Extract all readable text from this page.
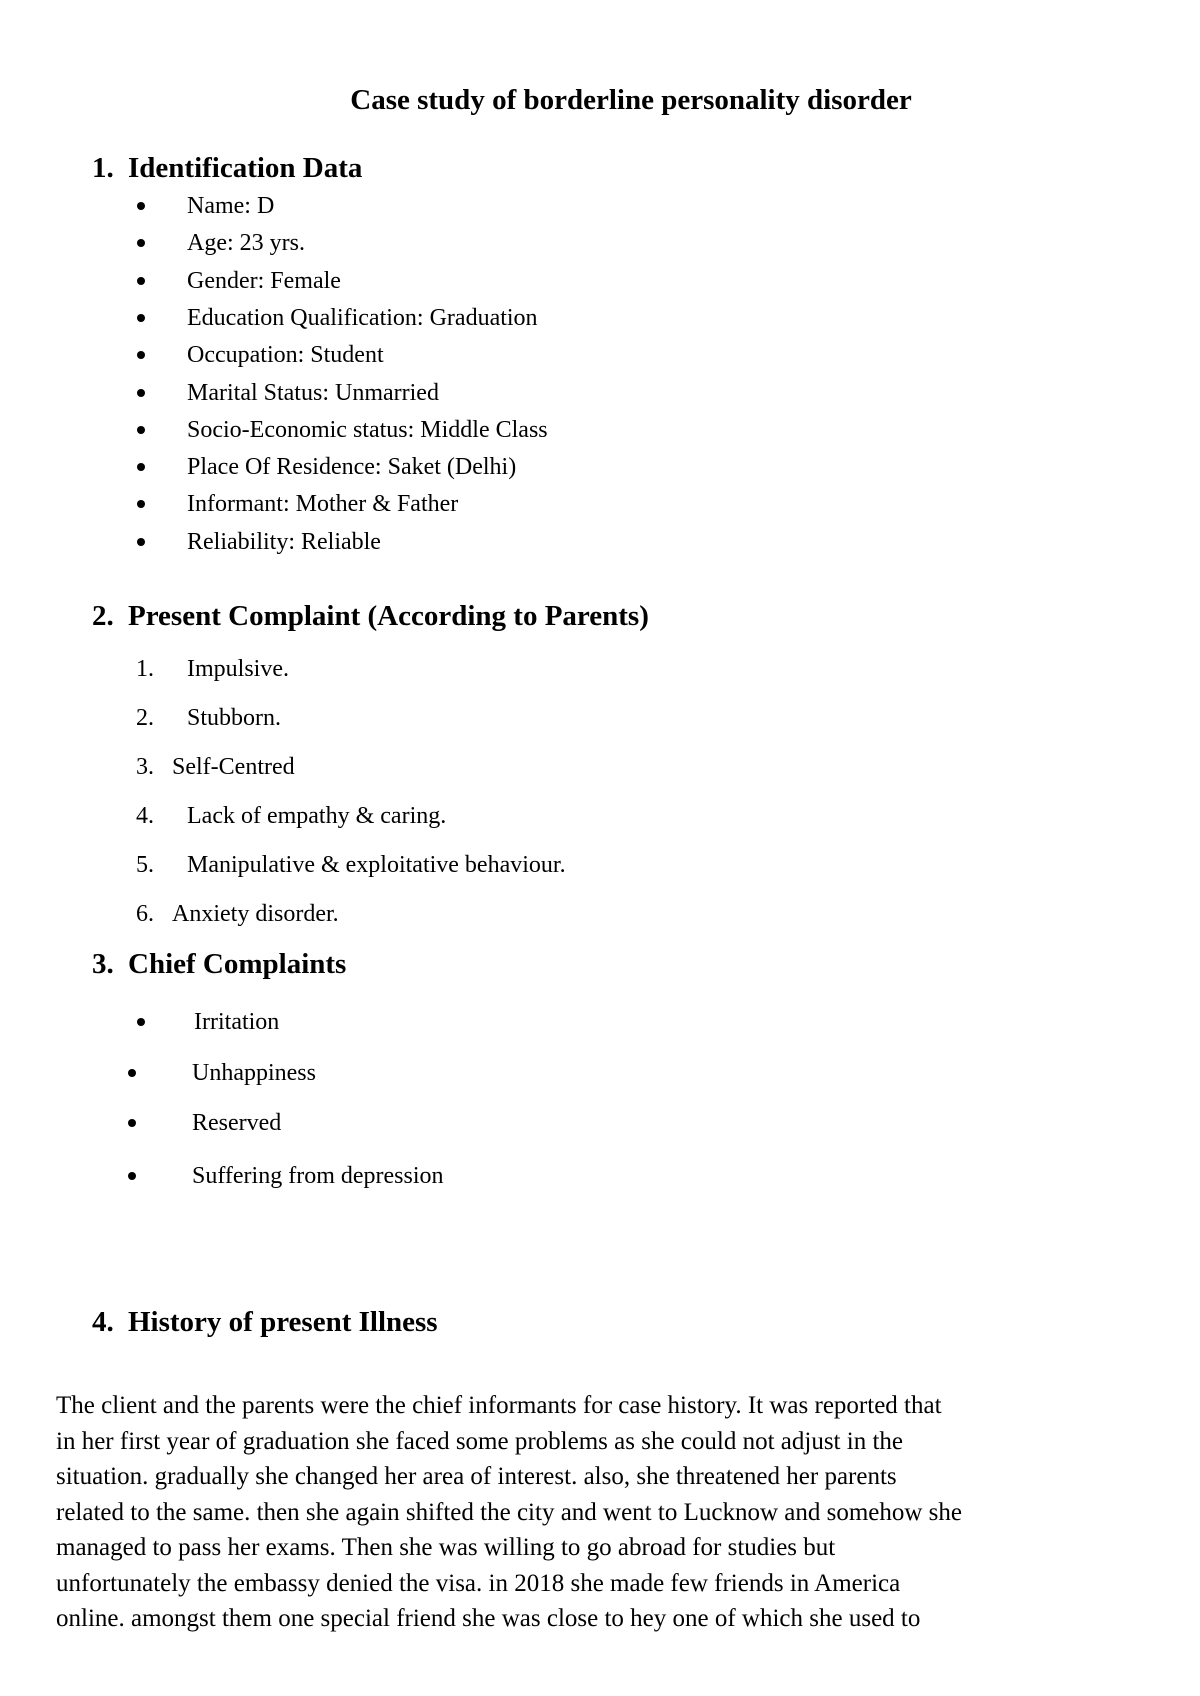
Case study of borderline personality disorder
1. Identification Data
Name: D
Age: 23 yrs.
Gender: Female
Education Qualification: Graduation
Occupation: Student
Marital Status: Unmarried
Socio-Economic status: Middle Class
Place Of Residence: Saket (Delhi)
Informant: Mother & Father
Reliability: Reliable
2. Present Complaint (According to Parents)
1. Impulsive.
2. Stubborn.
3. Self-Centred
4. Lack of empathy & caring.
5. Manipulative & exploitative behaviour.
6. Anxiety disorder.
3. Chief Complaints
Irritation
Unhappiness
Reserved
Suffering from depression
4. History of present Illness
The client and the parents were the chief informants for case history. It was reported that
in her first year of graduation she faced some problems as she could not adjust in the
situation. gradually she changed her area of interest. also, she threatened her parents
related to the same. then she again shifted the city and went to Lucknow and somehow she
managed to pass her exams. Then she was willing to go abroad for studies but
unfortunately the embassy denied the visa. in 2018 she made few friends in America
online. amongst them one special friend she was close to hey one of which she used to
